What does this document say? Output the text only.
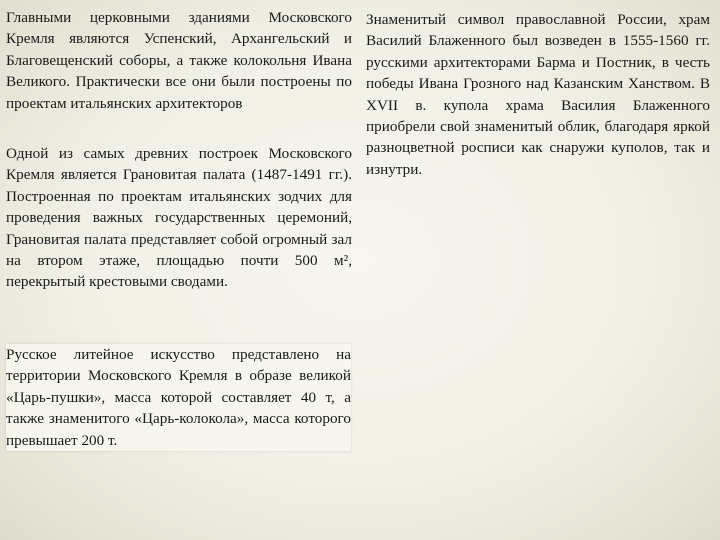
Главными церковными зданиями Московского Кремля являются Успенский, Архангельский и Благовещенский соборы, а также колокольня Ивана Великого. Практически все они были построены по проектам итальянских архитекторов

Одной из самых древних построек Московского Кремля является Грановитая палата (1487-1491 гг.). Построенная по проектам итальянских зодчих для проведения важных государственных церемоний, Грановитая палата представляет собой огромный зал на втором этаже, площадью почти 500 м², перекрытый крестовыми сводами.

Русское литейное искусство представлено на территории Московского Кремля в образе великой «Царь-пушки», масса которой составляет 40 т, а также знаменитого «Царь-колокола», масса которого превышает 200 т.

Знаменитый символ православной России, храм Василий Блаженного был возведен в 1555-1560 гг. русскими архитекторами Барма и Постник, в честь победы Ивана Грозного над Казанским Ханством. В XVII в. купола храма Василия Блаженного приобрели свой знаменитый облик, благодаря яркой разноцветной росписи как снаружи куполов, так и изнутри.
